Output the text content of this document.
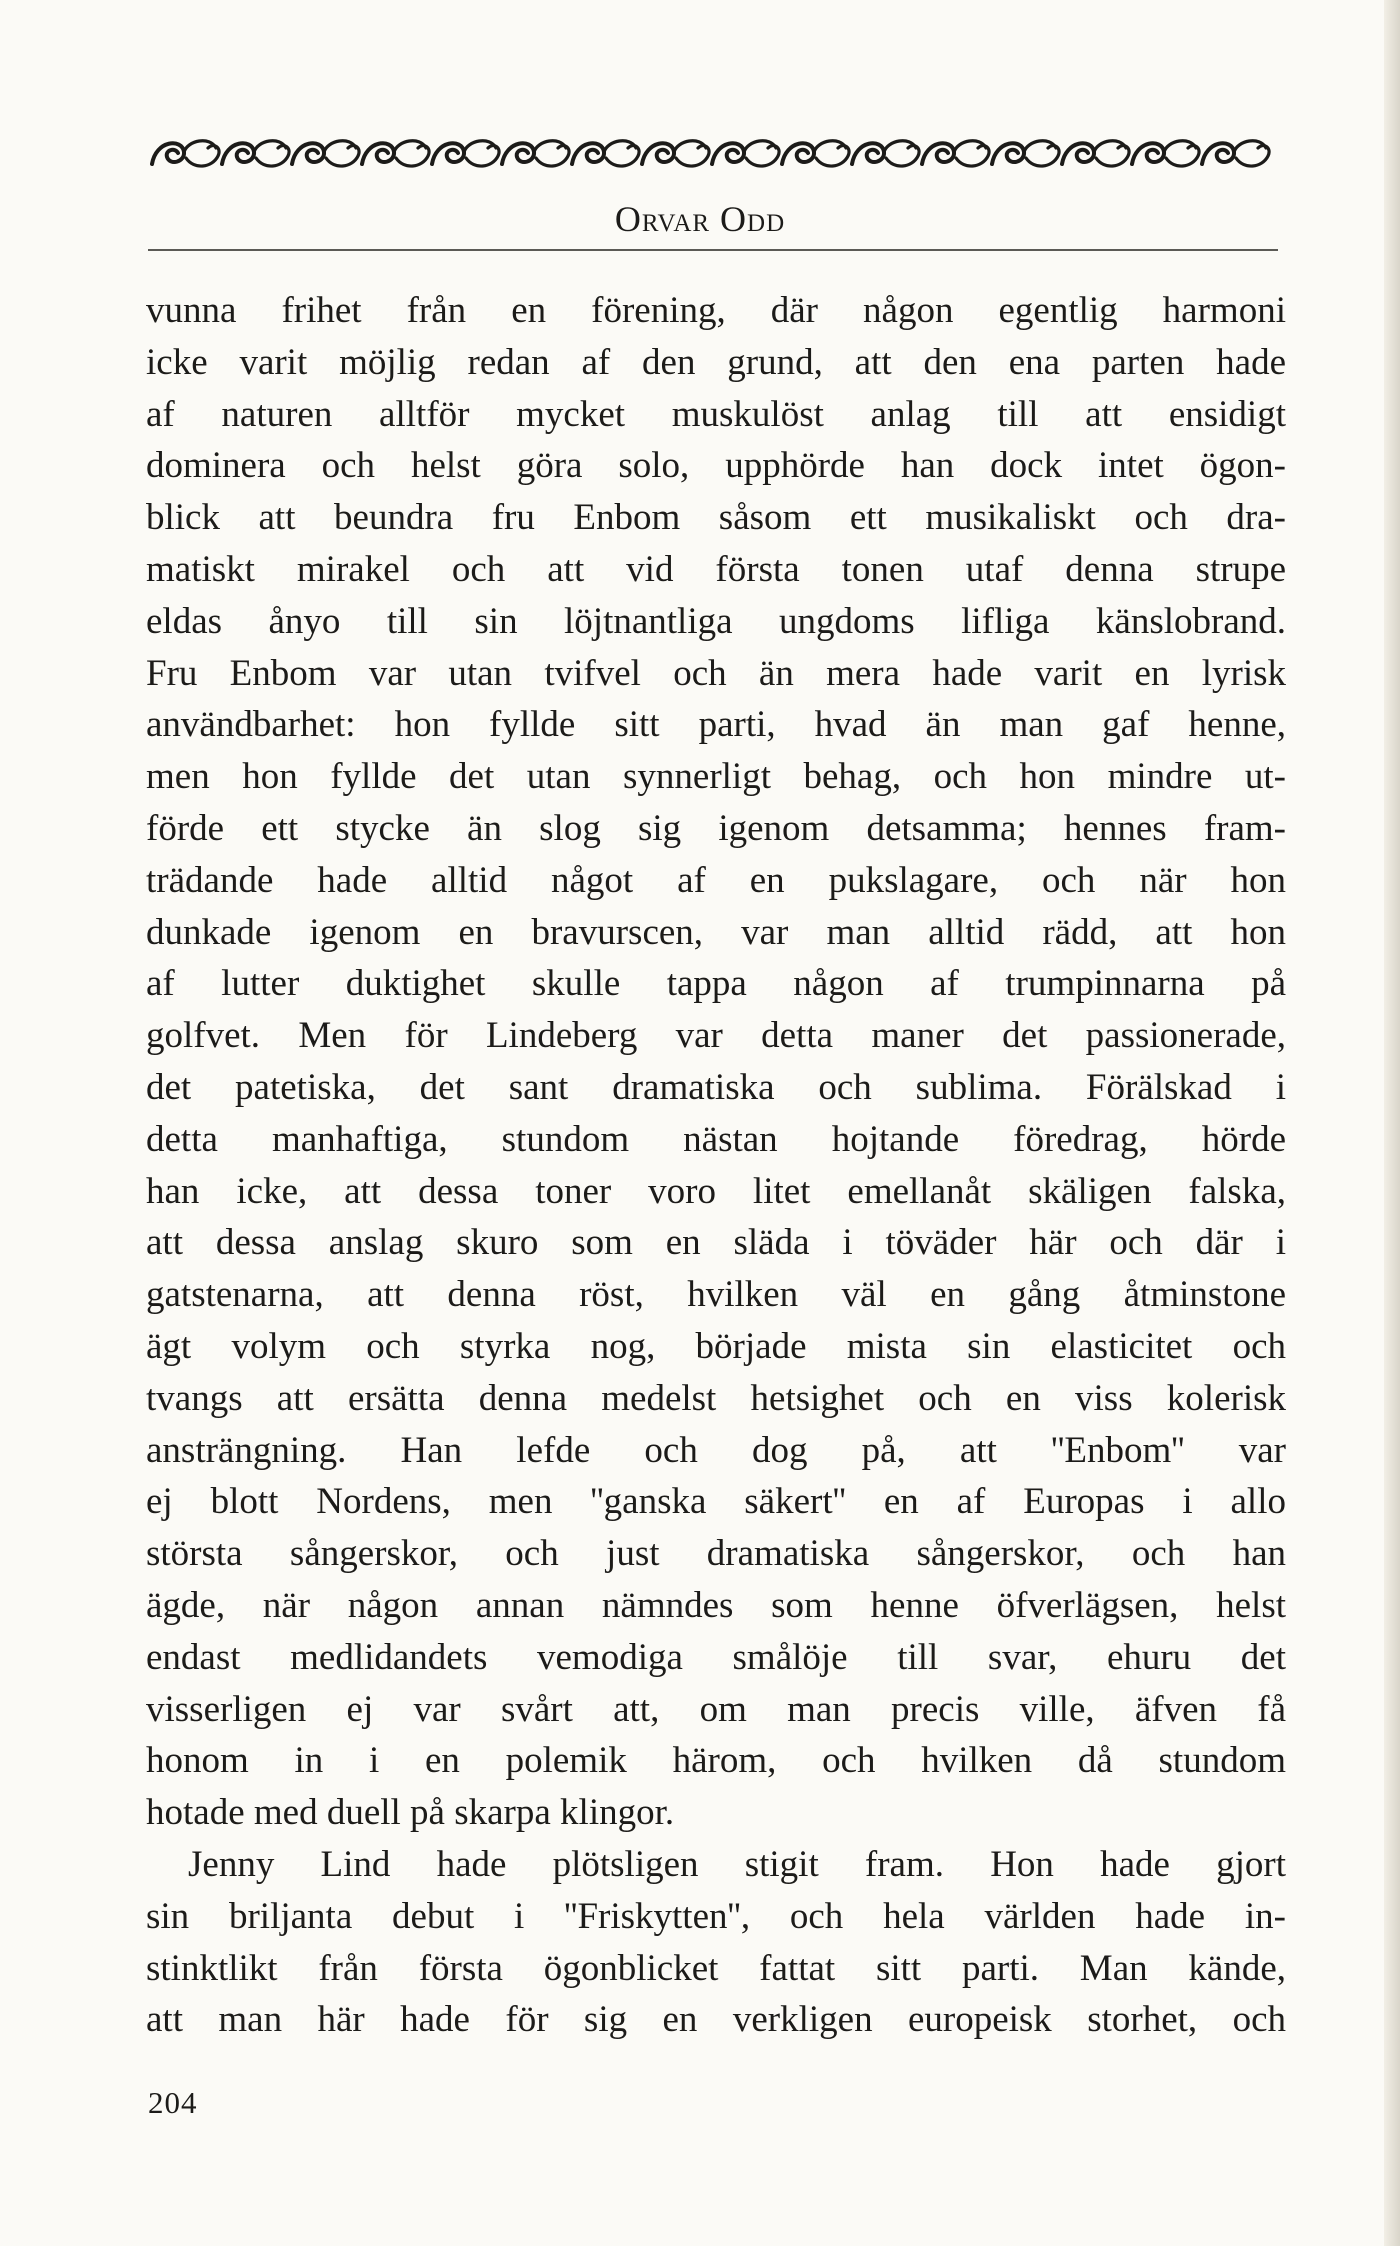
Orvar Odd
vunna frihet från en förening, där någon egentlig harmoni
icke varit möjlig redan af den grund, att den ena parten hade
af naturen alltför mycket muskulöst anlag till att ensidigt
dominera och helst göra solo, upphörde han dock intet ögon-
blick att beundra fru Enbom såsom ett musikaliskt och dra-
matiskt mirakel och att vid första tonen utaf denna strupe
eldas ånyo till sin löjtnantliga ungdoms lifliga känslobrand.
Fru Enbom var utan tvifvel och än mera hade varit en lyrisk
användbarhet: hon fyllde sitt parti, hvad än man gaf henne,
men hon fyllde det utan synnerligt behag, och hon mindre ut-
förde ett stycke än slog sig igenom detsamma; hennes fram-
trädande hade alltid något af en pukslagare, och när hon
dunkade igenom en bravurscen, var man alltid rädd, att hon
af lutter duktighet skulle tappa någon af trumpinnarna på
golfvet. Men för Lindeberg var detta maner det passionerade,
det patetiska, det sant dramatiska och sublima. Förälskad i
detta manhaftiga, stundom nästan hojtande föredrag, hörde
han icke, att dessa toner voro litet emellanåt skäligen falska,
att dessa anslag skuro som en släda i töväder här och där i
gatstenarna, att denna röst, hvilken väl en gång åtminstone
ägt volym och styrka nog, började mista sin elasticitet och
tvangs att ersätta denna medelst hetsighet och en viss kolerisk
ansträngning. Han lefde och dog på, att ''Enbom'' var
ej blott Nordens, men ''ganska säkert'' en af Europas i allo
största sångerskor, och just dramatiska sångerskor, och han
ägde, när någon annan nämndes som henne öfverlägsen, helst
endast medlidandets vemodiga smålöje till svar, ehuru det
visserligen ej var svårt att, om man precis ville, äfven få
honom in i en polemik härom, och hvilken då stundom
hotade med duell på skarpa klingor.
Jenny Lind hade plötsligen stigit fram. Hon hade gjort
sin briljanta debut i ''Friskytten'', och hela världen hade in-
stinktlikt från första ögonblicket fattat sitt parti. Man kände,
att man här hade för sig en verkligen europeisk storhet, och
204
